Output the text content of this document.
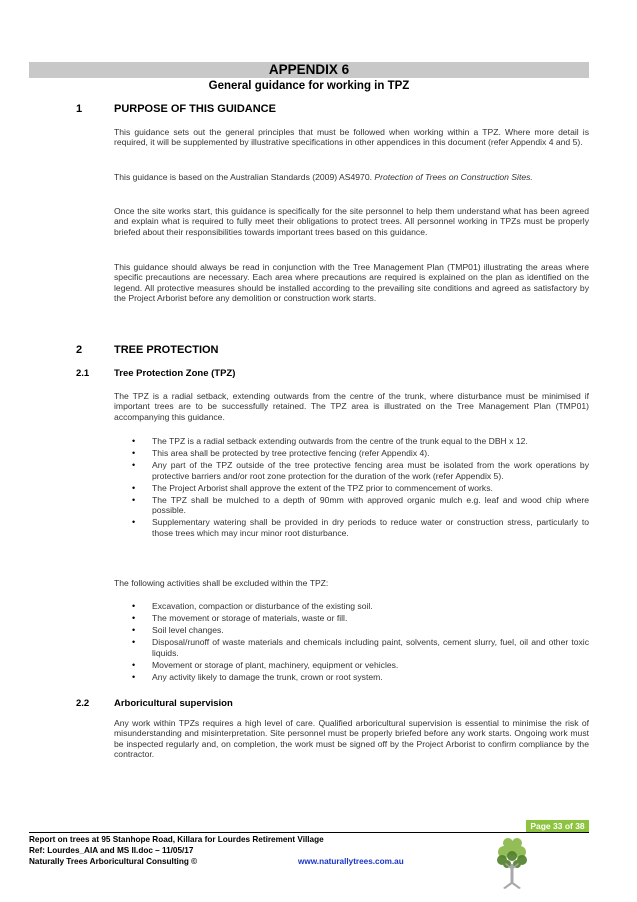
APPENDIX 6
General guidance for working in TPZ
1	PURPOSE OF THIS GUIDANCE
This guidance sets out the general principles that must be followed when working within a TPZ. Where more detail is required, it will be supplemented by illustrative specifications in other appendices in this document (refer Appendix 4 and 5).
This guidance is based on the Australian Standards (2009) AS4970. Protection of Trees on Construction Sites.
Once the site works start, this guidance is specifically for the site personnel to help them understand what has been agreed and explain what is required to fully meet their obligations to protect trees. All personnel working in TPZs must be properly briefed about their responsibilities towards important trees based on this guidance.
This guidance should always be read in conjunction with the Tree Management Plan (TMP01) illustrating the areas where specific precautions are necessary. Each area where precautions are required is explained on the plan as identified on the legend. All protective measures should be installed according to the prevailing site conditions and agreed as satisfactory by the Project Arborist before any demolition or construction work starts.
2	TREE PROTECTION
2.1	Tree Protection Zone (TPZ)
The TPZ is a radial setback, extending outwards from the centre of the trunk, where disturbance must be minimised if important trees are to be successfully retained. The TPZ area is illustrated on the Tree Management Plan (TMP01) accompanying this guidance.
• The TPZ is a radial setback extending outwards from the centre of the trunk equal to the DBH x 12.
• This area shall be protected by tree protective fencing (refer Appendix 4).
• Any part of the TPZ outside of the tree protective fencing area must be isolated from the work operations by protective barriers and/or root zone protection for the duration of the work (refer Appendix 5).
• The Project Arborist shall approve the extent of the TPZ prior to commencement of works.
• The TPZ shall be mulched to a depth of 90mm with approved organic mulch e.g. leaf and wood chip where possible.
• Supplementary watering shall be provided in dry periods to reduce water or construction stress, particularly to those trees which may incur minor root disturbance.
The following activities shall be excluded within the TPZ:
• Excavation, compaction or disturbance of the existing soil.
• The movement or storage of materials, waste or fill.
• Soil level changes.
• Disposal/runoff of waste materials and chemicals including paint, solvents, cement slurry, fuel, oil and other toxic liquids.
• Movement or storage of plant, machinery, equipment or vehicles.
• Any activity likely to damage the trunk, crown or root system.
2.2	Arboricultural supervision
Any work within TPZs requires a high level of care. Qualified arboricultural supervision is essential to minimise the risk of misunderstanding and misinterpretation. Site personnel must be properly briefed before any work starts. Ongoing work must be inspected regularly and, on completion, the work must be signed off by the Project Arborist to confirm compliance by the contractor.
Page 33 of 38
Report on trees at 95 Stanhope Road, Killara for Lourdes Retirement Village
Ref: Lourdes_AIA and MS II.doc – 11/05/17
Naturally Trees Arboricultural Consulting ©	www.naturallytrees.com.au
